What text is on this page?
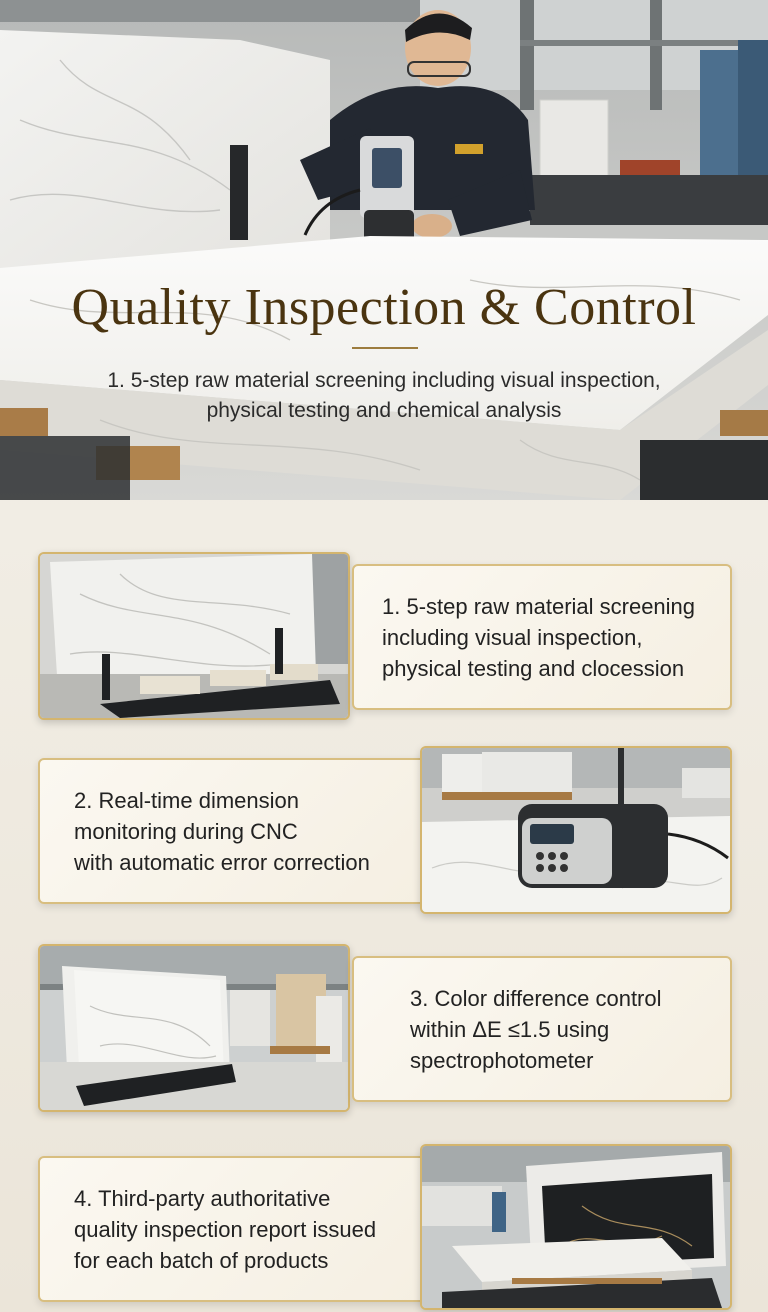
Quality Inspection & Control
1. 5-step raw material screening including visual inspection,
physical testing and chemical analysis
1. 5-step raw material screening
including visual inspection,
physical testing and clocession
2. Real-time dimension
monitoring during CNC
with automatic error correction
3. Color difference control
within ΔE ≤1.5 using
spectrophotometer
4. Third-party authoritative
quality inspection report issued
for each batch of products
